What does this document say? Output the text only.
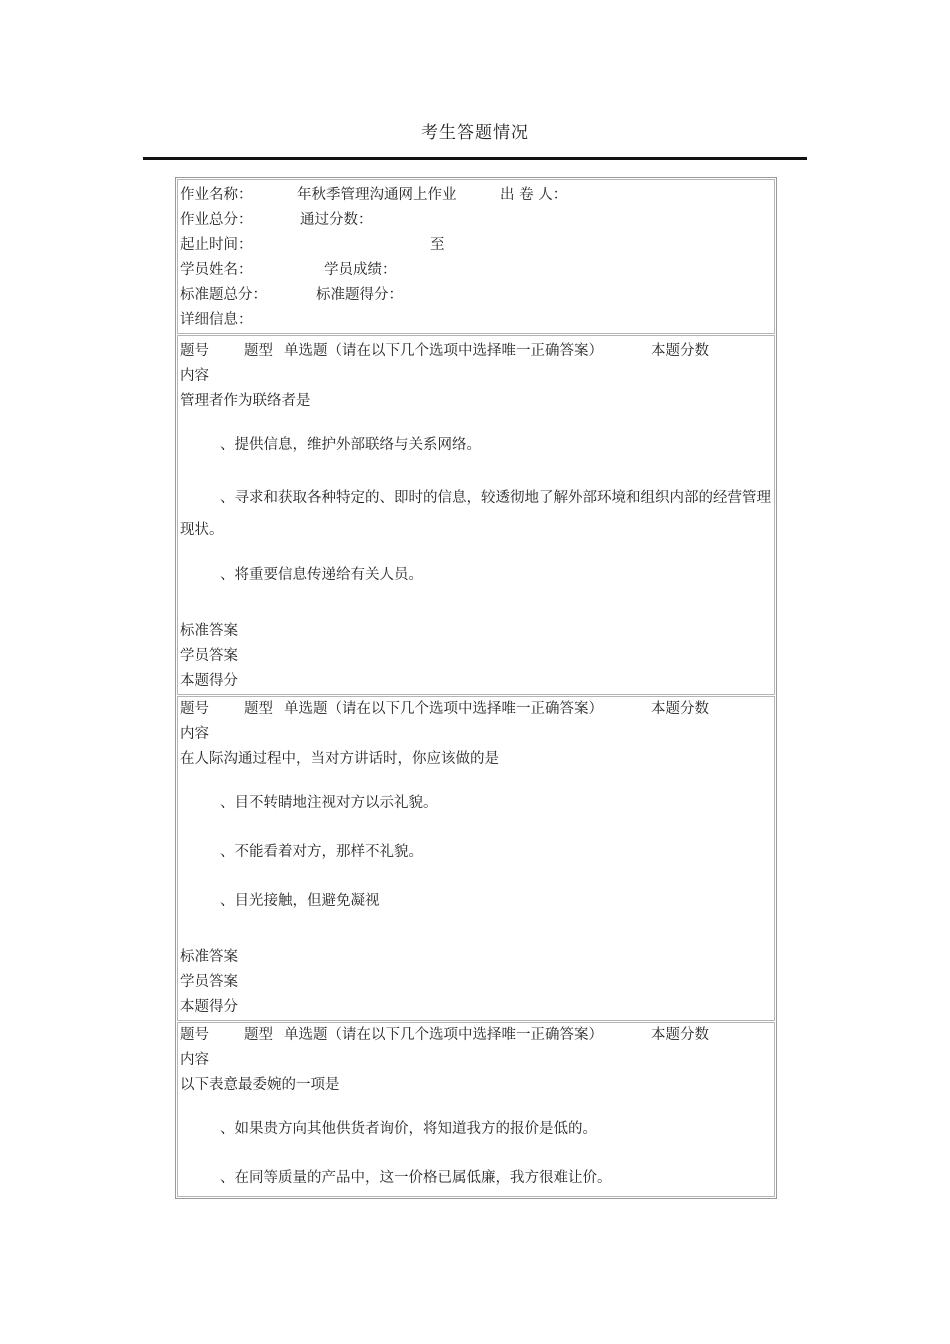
考生答题情况
作业名称：	年秋季管理沟通网上作业	出 卷 人：
作业总分：	通过分数：
起止时间：	至
学员姓名：	学员成绩：
标准题总分：	标准题得分：
详细信息：
题号 题型 单选题（请在以下几个选项中选择唯一正确答案）	本题分数
内容
管理者作为联络者是
、提供信息，维护外部联络与关系网络。
、寻求和获取各种特定的、即时的信息，较透彻地了解外部环境和组织内部的经营管理现状。
、将重要信息传递给有关人员。
标准答案
学员答案
本题得分
题号 题型 单选题（请在以下几个选项中选择唯一正确答案）	本题分数
内容
在人际沟通过程中，当对方讲话时，你应该做的是
、目不转睛地注视对方以示礼貌。
、不能看着对方，那样不礼貌。
、目光接触，但避免凝视
标准答案
学员答案
本题得分
题号 题型 单选题（请在以下几个选项中选择唯一正确答案）	本题分数
内容
以下表意最委婉的一项是
、如果贵方向其他供货者询价，将知道我方的报价是低的。
、在同等质量的产品中，这一价格已属低廉，我方很难让价。
